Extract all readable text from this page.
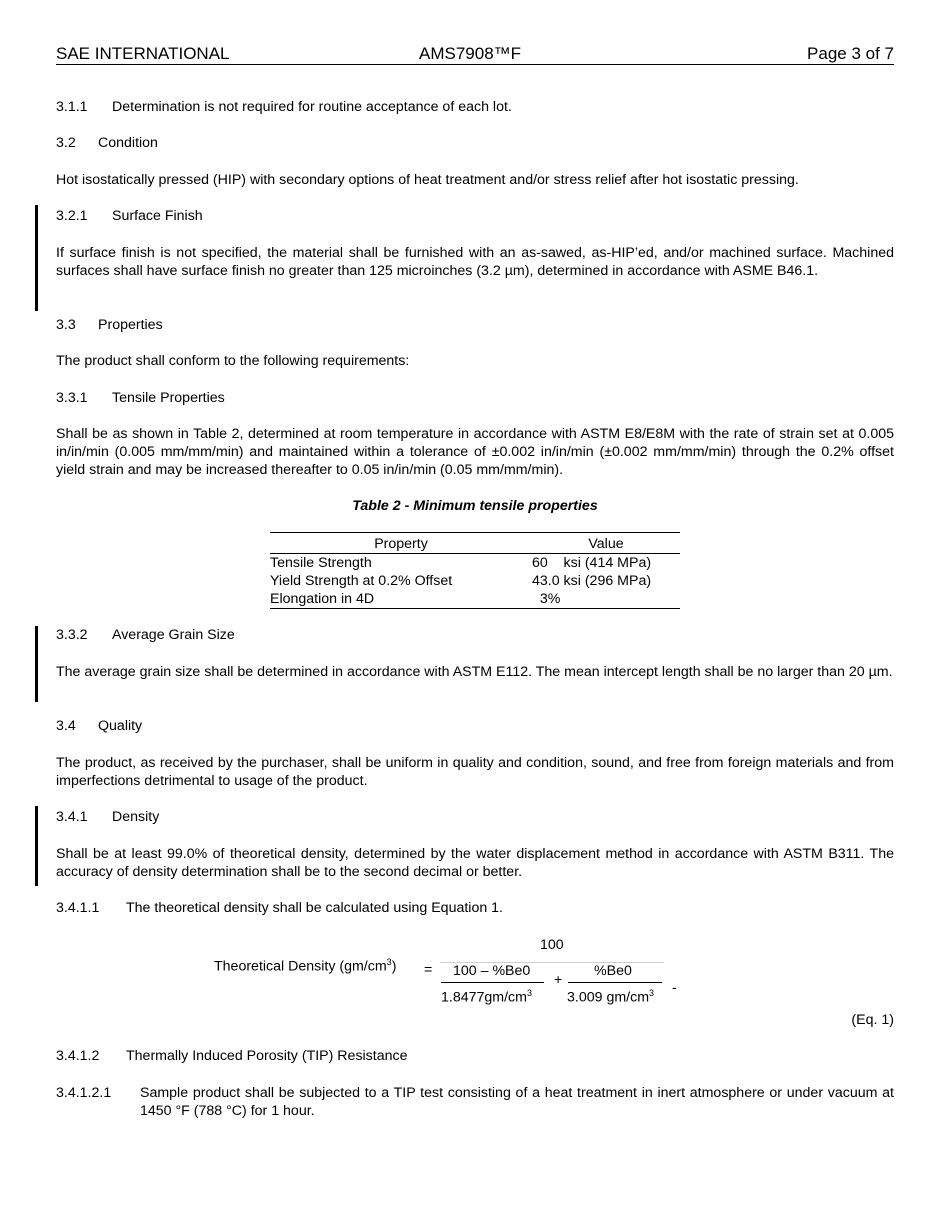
SAE INTERNATIONAL	AMS7908™F	Page 3 of 7
3.1.1 Determination is not required for routine acceptance of each lot.
3.2 Condition
Hot isostatically pressed (HIP) with secondary options of heat treatment and/or stress relief after hot isostatic pressing.
3.2.1 Surface Finish
If surface finish is not specified, the material shall be furnished with an as-sawed, as-HIP’ed, and/or machined surface. Machined surfaces shall have surface finish no greater than 125 microinches (3.2 µm), determined in accordance with ASME B46.1.
3.3 Properties
The product shall conform to the following requirements:
3.3.1 Tensile Properties
Shall be as shown in Table 2, determined at room temperature in accordance with ASTM E8/E8M with the rate of strain set at 0.005 in/in/min (0.005 mm/mm/min) and maintained within a tolerance of ±0.002 in/in/min (±0.002 mm/mm/min) through the 0.2% offset yield strain and may be increased thereafter to 0.05 in/in/min (0.05 mm/mm/min).
Table 2 - Minimum tensile properties
Property	Value
Tensile Strength	60    ksi (414 MPa)
Yield Strength at 0.2% Offset	43.0 ksi (296 MPa)
Elongation in 4D	3%
3.3.2 Average Grain Size
The average grain size shall be determined in accordance with ASTM E112. The mean intercept length shall be no larger than 20 µm.
3.4 Quality
The product, as received by the purchaser, shall be uniform in quality and condition, sound, and free from foreign materials and from imperfections detrimental to usage of the product.
3.4.1 Density
Shall be at least 99.0% of theoretical density, determined by the water displacement method in accordance with ASTM B311. The accuracy of density determination shall be to the second decimal or better.
3.4.1.1 The theoretical density shall be calculated using Equation 1.
100
Theoretical Density $(gm/cm^3) = 100 - \%Be0$
$1.8477gm/cm^3$
+
%Be0
3.009 $gm/cm^3$ -
(Eq. 1)
3.4.1.2 Thermally Induced Porosity (TIP) Resistance
3.4.1.2.1 Sample product shall be subjected to a TIP test consisting of a heat treatment in inert atmosphere or under vacuum at 1450 °F (788 °C) for 1 hour.
